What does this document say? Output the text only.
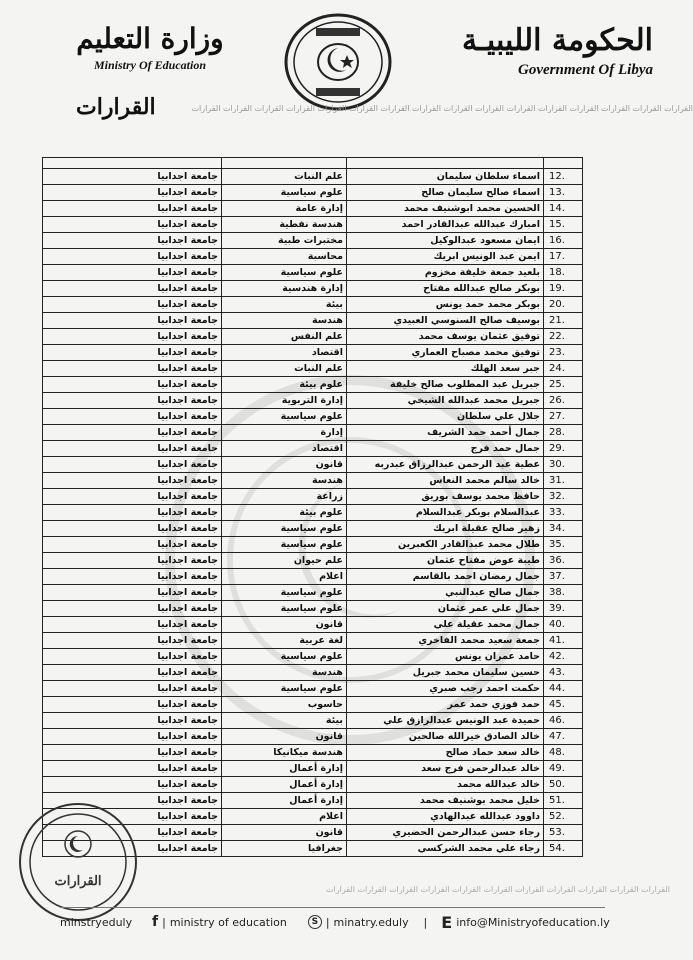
الحكومة الليبيـة
Government Of Libya
وزارة التعليم
Ministry Of Education
القرارات القرارات القرارات القرارات القرارات القرارات القرارات القرارات القرارات القرارات القرارات القرارات القرارات القرارات القرارات القرارات
القرارات

جامعة اجدابيا	علم النبات	اسماء سلطان سليمان	12.
جامعة اجدابيا	علوم سياسية	اسماء صالح سليمان صالح	13.
جامعة اجدابيا	إدارة عامة	الحسين محمد ابوشنيف محمد	14.
جامعة اجدابيا	هندسة نفطية	امبارك عبدالله عبدالقادر احمد	15.
جامعة اجدابيا	مختبرات طبية	ايمان مسعود عبدالوكيل	16.
جامعة اجدابيا	محاسبة	ايمن عبد الونيس ابريك	17.
جامعة اجدابيا	علوم سياسية	بلعيد جمعة خليفة مخزوم	18.
جامعة اجدابيا	إدارة هندسية	بوبكر صالح عبدالله مفتاح	19.
جامعة اجدابيا	بيئة	بوبكر محمد حمد يونس	20.
جامعة اجدابيا	هندسة	بوسيف صالح السنوسي العبيدي	21.
جامعة اجدابيا	علم النفس	توفيق عثمان يوسف محمد	22.
جامعة اجدابيا	اقتصاد	توفيق محمد مصباح العماري	23.
جامعة اجدابيا	علم النبات	جبر سعد الهلك	24.
جامعة اجدابيا	علوم بيئة	جبريل عبد المطلوب صالح خليفة	25.
جامعة اجدابيا	إدارة التربوية	جبريل محمد عبدالله الشيخي	26.
جامعة اجدابيا	علوم سياسية	جلال علي سلطان	27.
جامعة اجدابيا	إدارة	جمال أحمد حمد الشريف	28.
جامعة اجدابيا	اقتصاد	جمال حمد فرج	29.
جامعة اجدابيا	قانون	عطية عبد الرحمن عبدالرزاق عبدربه	30.
جامعة اجدابيا	هندسة	خالد سالم محمد النعاس	31.
جامعة اجدابيا	زراعة	حافظ محمد يوسف بوريق	32.
جامعة اجدابيا	علوم بيئة	عبدالسلام بوبكر عبدالسلام	33.
جامعة اجدابيا	علوم سياسية	زهير صالح عقيلة ابريك	34.
جامعة اجدابيا	علوم سياسية	طلال محمد عبدالقادر الكعبرين	35.
جامعة اجدابيا	علم حيوان	طيبة عوض مفتاح عثمان	36.
جامعة اجدابيا	اعلام	جمال رمضان احمد بالقاسم	37.
جامعة اجدابيا	علوم سياسية	جمال صالح عبدالنبي	38.
جامعة اجدابيا	علوم سياسية	جمال علي عمر عثمان	39.
جامعة اجدابيا	قانون	جمال محمد عقيلة علي	40.
جامعة اجدابيا	لغة عربية	جمعة سعيد محمد الفاخري	41.
جامعة اجدابيا	علوم سياسية	حامد عمران يونس	42.
جامعة اجدابيا	هندسة	حسين سليمان محمد جبريل	43.
جامعة اجدابيا	علوم سياسية	حكمت احمد رجب صبري	44.
جامعة اجدابيا	حاسوب	حمد فوزي حمد عمر	45.
جامعة اجدابيا	بيئة	حميدة عبد الونيس عبدالرازق علي	46.
جامعة اجدابيا	قانون	خالد الصادق خيرالله صالحين	47.
جامعة اجدابيا	هندسة ميكانيكا	خالد سعد حماد صالح	48.
جامعة اجدابيا	إدارة أعمال	خالد عبدالرحمن فرج سعد	49.
جامعة اجدابيا	إدارة أعمال	خالد عبدالله محمد	50.
جامعة اجدابيا	إدارة أعمال	خليل محمد بوشنيف محمد	51.
جامعة اجدابيا	اعلام	داوود عبدالله عبدالهادي	52.
جامعة اجدابيا	قانون	رجاء حسن عبدالرحمن الحضيري	53.
جامعة اجدابيا	جغرافيا	رجاء علي محمد الشركسي	54.
القرارات
القرارات القرارات القرارات القرارات القرارات القرارات القرارات القرارات القرارات القرارات القرارات
minstryeduly	f | ministry of education	S | minatry.eduly	| E info@Ministryofeducation.ly
